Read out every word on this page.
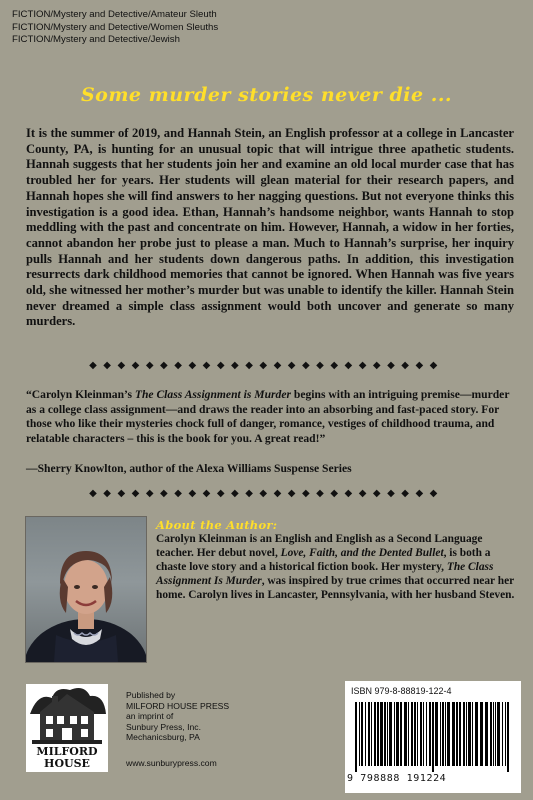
FICTION/Mystery and Detective/Amateur Sleuth
FICTION/Mystery and Detective/Women Sleuths
FICTION/Mystery and Detective/Jewish
Some murder stories never die ...

It is the summer of 2019, and Hannah Stein, an English professor at a college in Lancaster County, PA, is hunting for an unusual topic that will intrigue three apathetic students. Hannah suggests that her students join her and examine an old local murder case that has troubled her for years. Her students will glean material for their research papers, and Hannah hopes she will find answers to her nagging questions. But not everyone thinks this investigation is a good idea. Ethan, Hannah’s handsome neighbor, wants Hannah to stop meddling with the past and concentrate on him. However, Hannah, a widow in her forties, cannot abandon her probe just to please a man. Much to Hannah’s surprise, her inquiry pulls Hannah and her students down dangerous paths. In addition, this investigation resurrects dark childhood memories that cannot be ignored. When Hannah was five years old, she witnessed her mother’s murder but was unable to identify the killer. Hannah Stein never dreamed a simple class assignment would both uncover and generate so many murders.

◆◆◆◆◆◆◆◆◆◆◆◆◆◆◆◆◆◆◆◆◆◆◆◆◆

“Carolyn Kleinman’s The Class Assignment is Murder begins with an intriguing premise—murder as a college class assignment—and draws the reader into an absorbing and fast-paced story. For those who like their mysteries chock full of danger, romance, vestiges of childhood trauma, and relatable characters – this is the book for you. A great read!”

—Sherry Knowlton, author of the Alexa Williams Suspense Series
◆◆◆◆◆◆◆◆◆◆◆◆◆◆◆◆◆◆◆◆◆◆◆◆◆
About the Author:

Carolyn Kleinman is an English and English as a Second Language teacher. Her debut novel, Love, Faith, and the Dented Bullet, is both a chaste love story and a historical fiction book. Her mystery, The Class Assignment Is Murder, was inspired by true crimes that occurred near her home. Carolyn lives in Lancaster, Pennsylvania, with her husband Steven.

MILFORD
HOUSE
Published by
MILFORD HOUSE PRESS
an imprint of
Sunbury Press, Inc.
Mechanicsburg, PA
www.sunburypress.com
ISBN 979-8-88819-122-4
9 798888 191224
